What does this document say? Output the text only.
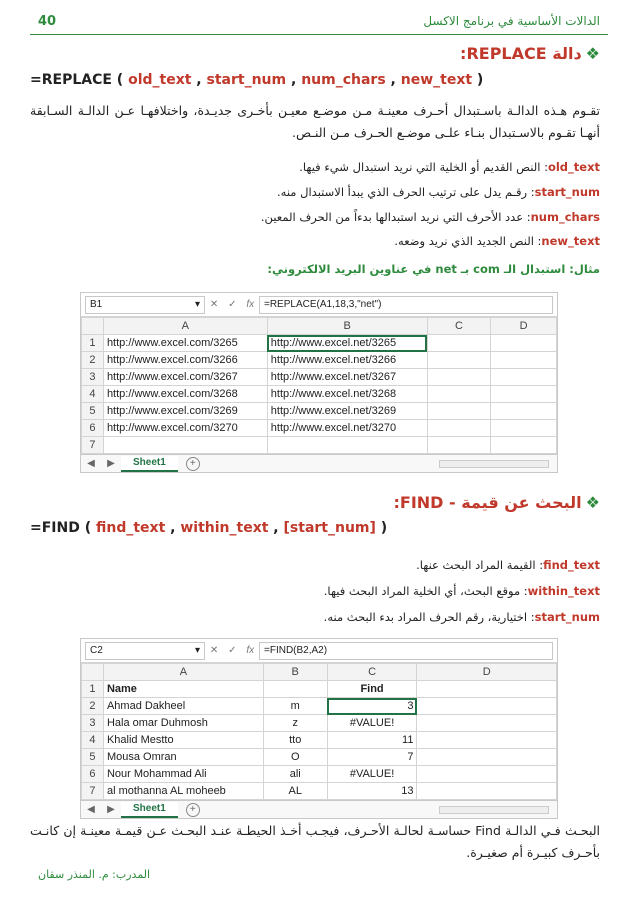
40	الدالات الأساسية في برنامج الاكسل
❖دالة REPLACE:
=REPLACE ( old_text , start_num , num_chars , new_text )
تقـوم هـذه الدالـة باسـتبدال أحـرف معينـة مـن موضـع معيـن بأخـرى جديـدة، واختلافهـا عـن الدالـة السـابقة أنهـا تقـوم بالاسـتبدال بنـاء علـى موضـع الحـرف مـن النـص.
old_text: النص القديم أو الخلية التي نريد استبدال شيء فيها.
start_num: رقـم يدل على ترتيب الحرف الذي يبدأ الاستبدال منه.
num_chars: عدد الأحرف التي نريد استبدالها بدءاً من الحرف المعين.
new_text: النص الجديد الذي نريد وضعه.
مثال: استبدال الـ com بـ net في عناوين البريد الالكتروني:
B1	▾ ✕ ✓ fx =REPLACE(A1,18,3,"net")
	A	B	C	D
1	http://www.excel.com/3265	http://www.excel.net/3265		
2	http://www.excel.com/3266	http://www.excel.net/3266		
3	http://www.excel.com/3267	http://www.excel.net/3267		
4	http://www.excel.com/3268	http://www.excel.net/3268		
5	http://www.excel.com/3269	http://www.excel.net/3269		
6	http://www.excel.com/3270	http://www.excel.net/3270		
7				
◀ ▶	Sheet1	+
❖البحث عن قيمة - FIND:
=FIND ( find_text , within_text , [start_num] )
find_text: القيمة المراد البحث عنها.
within_text: موقع البحث، أي الخلية المراد البحث فيها.
start_num: اختيارية، رقم الحرف المراد بدء البحث منه.
C2	▾ ✕ ✓ fx =FIND(B2,A2)
	A	B	C	D
1	Name		Find	
2	Ahmad Dakheel	m	3	
3	Hala omar Duhmosh	z	#VALUE!	
4	Khalid Mestto	tto	11	
5	Mousa Omran	O	7	
6	Nour Mohammad Ali	ali	#VALUE!	
7	al mothanna AL moheeb	AL	13	
◀ ▶	Sheet1	+
البحـث فـي الدالـة Find حساسـة لحالـة الأحـرف، فيجـب أخـذ الحيطـة عنـد البحـث عـن قيمـة معينـة إن كانـت بأحـرف كبيـرة أم صغيـرة.
المدرب: م. المنذر سقان
